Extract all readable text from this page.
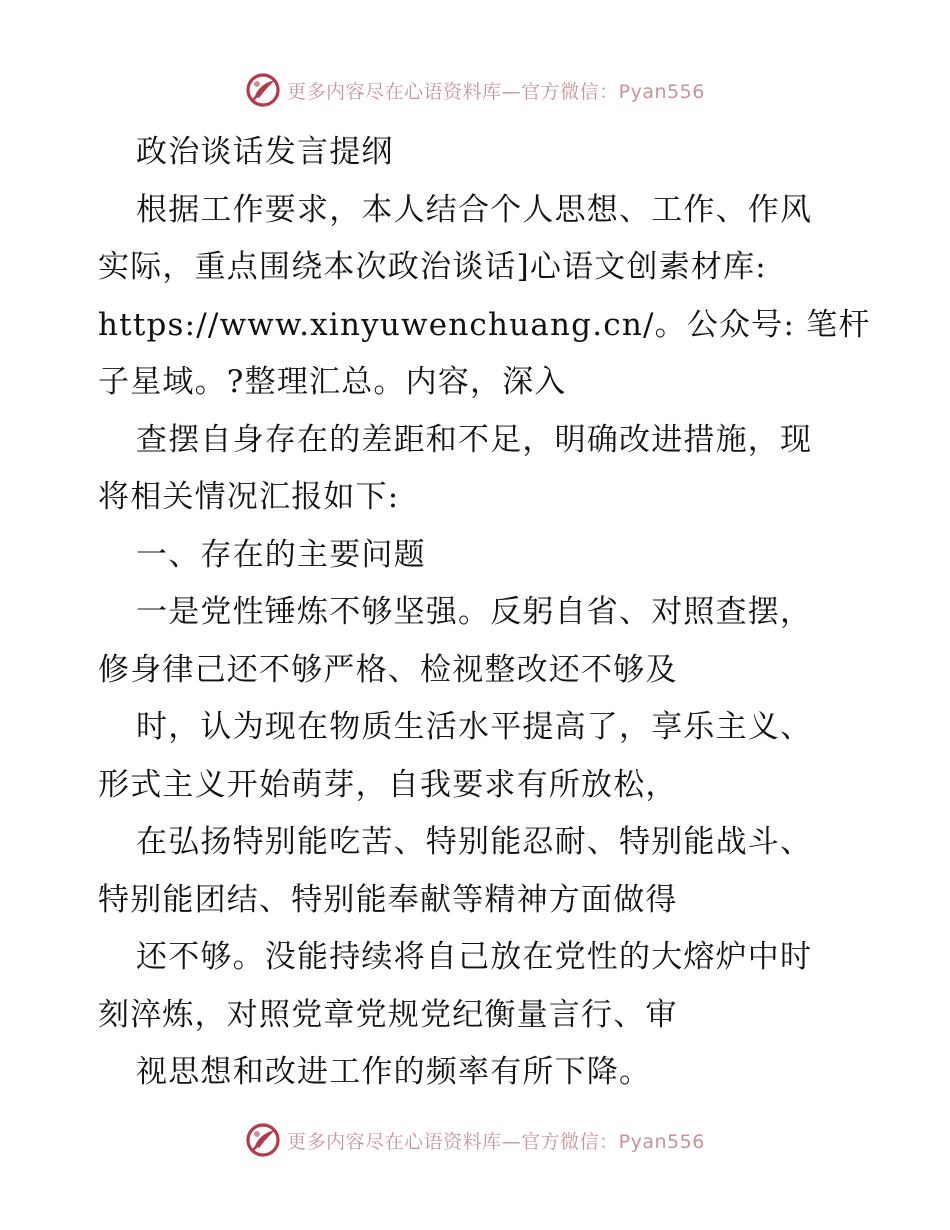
更多内容尽在心语资料库—官方微信：Pyan556
政治谈话发言提纲
根据工作要求，本人结合个人思想、工作、作风
实际，重点围绕本次政治谈话]心语文创素材库:
https://www.xinyuwenchuang.cn/。公众号: 笔杆
子星域。?整理汇总。内容，深入
查摆自身存在的差距和不足，明确改进措施，现
将相关情况汇报如下:
一、存在的主要问题
一是党性锤炼不够坚强。反躬自省、对照查摆，
修身律己还不够严格、检视整改还不够及
时，认为现在物质生活水平提高了，享乐主义、
形式主义开始萌芽，自我要求有所放松，
在弘扬特别能吃苦、特别能忍耐、特别能战斗、
特别能团结、特别能奉献等精神方面做得
还不够。没能持续将自己放在党性的大熔炉中时
刻淬炼，对照党章党规党纪衡量言行、审
视思想和改进工作的频率有所下降。
更多内容尽在心语资料库—官方微信：Pyan556
